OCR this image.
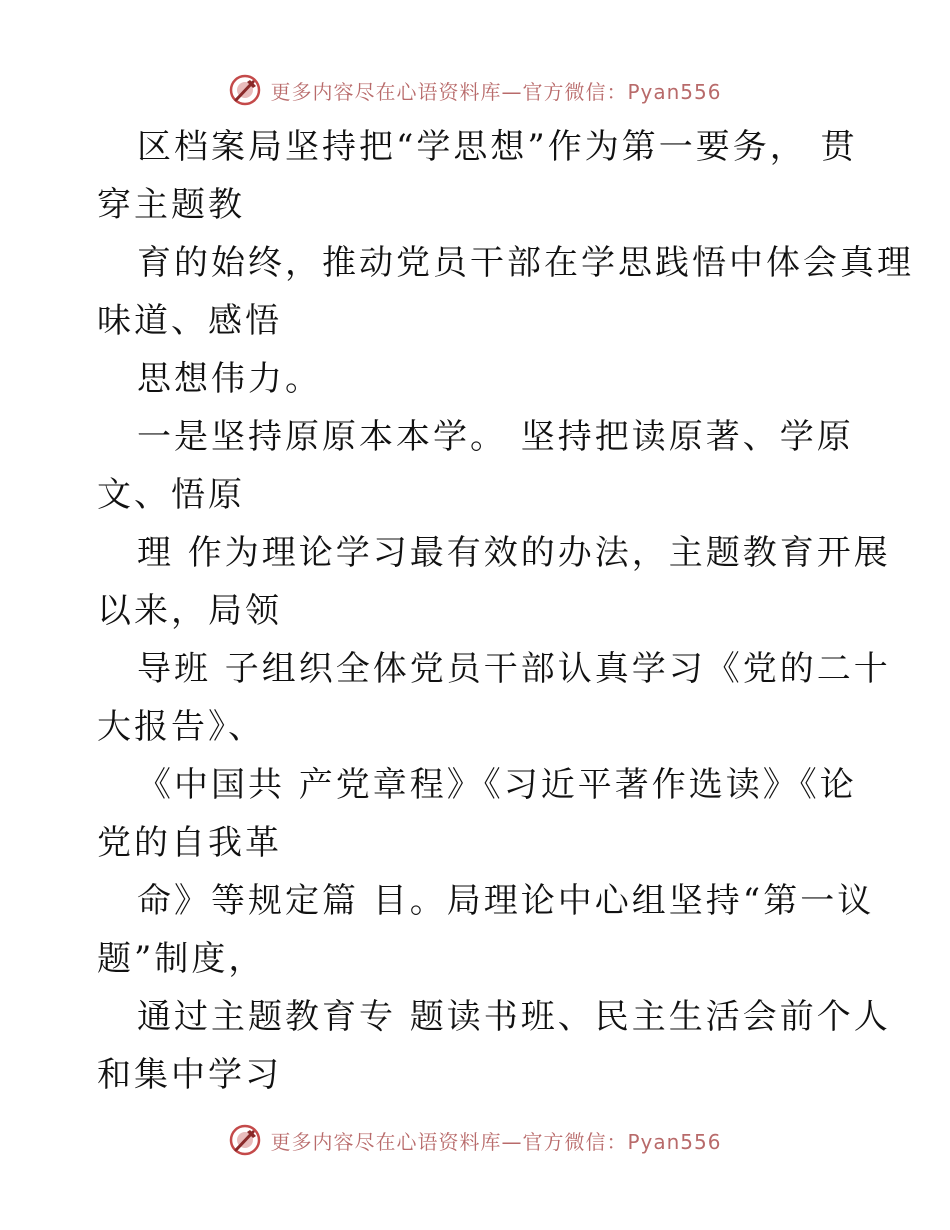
更多内容尽在心语资料库—官方微信：Pyan556
区档案局坚持把“学思想”作为第一要务， 贯
穿主题教
育的始终，推动党员干部在学思践悟中体会真理
味道、感悟
思想伟力。
一是坚持原原本本学。 坚持把读原著、学原
文、悟原
理 作为理论学习最有效的办法，主题教育开展
以来，局领
导班 子组织全体党员干部认真学习《党的二十
大报告》、
《中国共 产党章程》《习近平著作选读》《论
党的自我革
命》等规定篇 目。局理论中心组坚持“第一议
题”制度，
通过主题教育专 题读书班、民主生活会前个人
和集中学习
更多内容尽在心语资料库—官方微信：Pyan556
